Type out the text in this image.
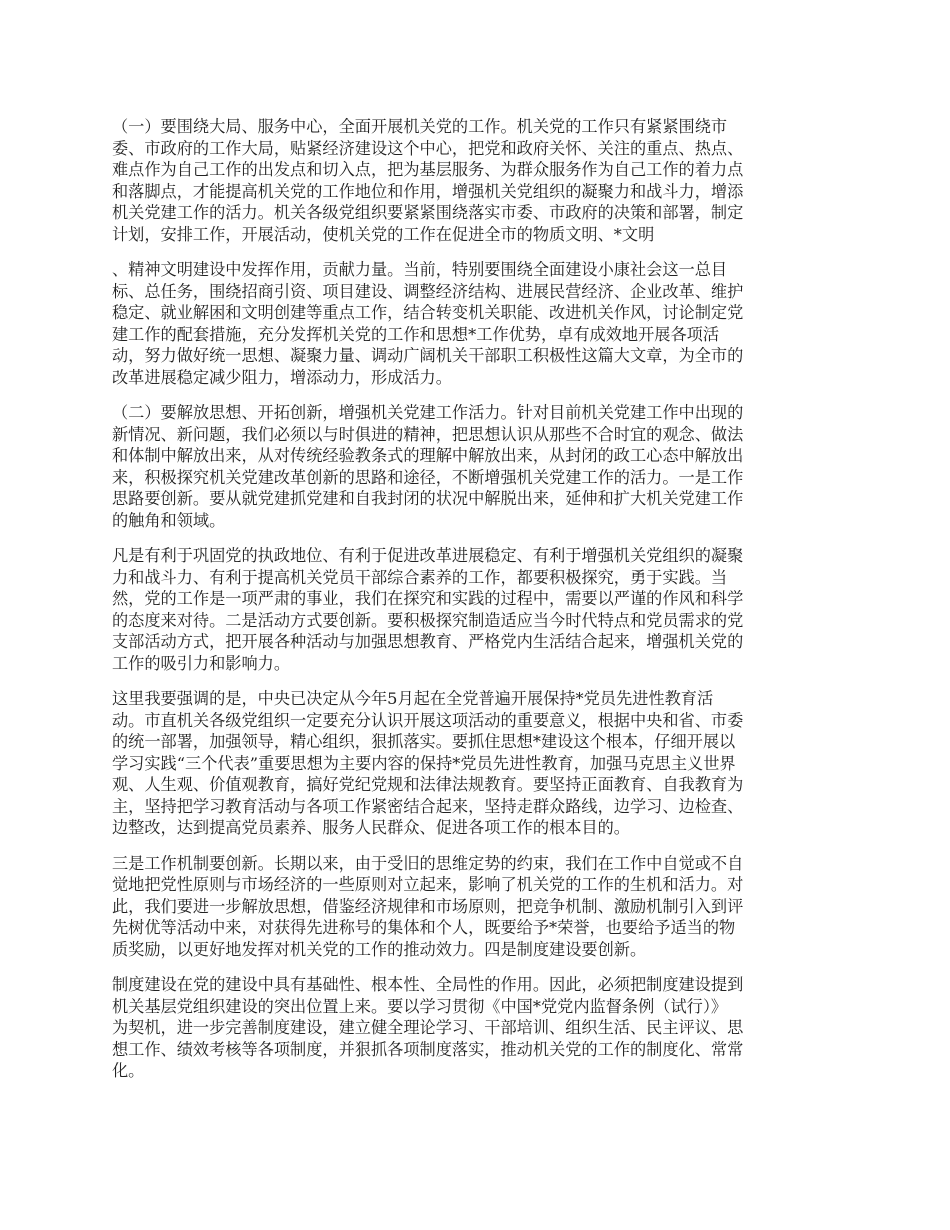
（一）要围绕大局、服务中心，全面开展机关党的工作。机关党的工作只有紧紧围绕市
委、市政府的工作大局，贴紧经济建设这个中心，把党和政府关怀、关注的重点、热点、
难点作为自己工作的出发点和切入点，把为基层服务、为群众服务作为自己工作的着力点
和落脚点，才能提高机关党的工作地位和作用，增强机关党组织的凝聚力和战斗力，增添
机关党建工作的活力。机关各级党组织要紧紧围绕落实市委、市政府的决策和部署，制定
计划，安排工作，开展活动，使机关党的工作在促进全市的物质文明、*文明

、精神文明建设中发挥作用，贡献力量。当前，特别要围绕全面建设小康社会这一总目
标、总任务，围绕招商引资、项目建设、调整经济结构、进展民营经济、企业改革、维护
稳定、就业解困和文明创建等重点工作，结合转变机关职能、改进机关作风，讨论制定党
建工作的配套措施，充分发挥机关党的工作和思想*工作优势，卓有成效地开展各项活
动，努力做好统一思想、凝聚力量、调动广阔机关干部职工积极性这篇大文章，为全市的
改革进展稳定减少阻力，增添动力，形成活力。

（二）要解放思想、开拓创新，增强机关党建工作活力。针对目前机关党建工作中出现的
新情况、新问题，我们必须以与时俱进的精神，把思想认识从那些不合时宜的观念、做法
和体制中解放出来，从对传统经验教条式的理解中解放出来，从封闭的政工心态中解放出
来，积极探究机关党建改革创新的思路和途径，不断增强机关党建工作的活力。一是工作
思路要创新。要从就党建抓党建和自我封闭的状况中解脱出来，延伸和扩大机关党建工作
的触角和领域。

凡是有利于巩固党的执政地位、有利于促进改革进展稳定、有利于增强机关党组织的凝聚
力和战斗力、有利于提高机关党员干部综合素养的工作，都要积极探究，勇于实践。当
然，党的工作是一项严肃的事业，我们在探究和实践的过程中，需要以严谨的作风和科学
的态度来对待。二是活动方式要创新。要积极探究制造适应当今时代特点和党员需求的党
支部活动方式，把开展各种活动与加强思想教育、严格党内生活结合起来，增强机关党的
工作的吸引力和影响力。

这里我要强调的是，中央已决定从今年5月起在全党普遍开展保持*党员先进性教育活
动。市直机关各级党组织一定要充分认识开展这项活动的重要意义，根据中央和省、市委
的统一部署，加强领导，精心组织，狠抓落实。要抓住思想*建设这个根本，仔细开展以
学习实践“三个代表”重要思想为主要内容的保持*党员先进性教育，加强马克思主义世界
观、人生观、价值观教育，搞好党纪党规和法律法规教育。要坚持正面教育、自我教育为
主，坚持把学习教育活动与各项工作紧密结合起来，坚持走群众路线，边学习、边检查、
边整改，达到提高党员素养、服务人民群众、促进各项工作的根本目的。

三是工作机制要创新。长期以来，由于受旧的思维定势的约束，我们在工作中自觉或不自
觉地把党性原则与市场经济的一些原则对立起来，影响了机关党的工作的生机和活力。对
此，我们要进一步解放思想，借鉴经济规律和市场原则，把竞争机制、激励机制引入到评
先树优等活动中来，对获得先进称号的集体和个人，既要给予*荣誉，也要给予适当的物
质奖励，以更好地发挥对机关党的工作的推动效力。四是制度建设要创新。

制度建设在党的建设中具有基础性、根本性、全局性的作用。因此，必须把制度建设提到
机关基层党组织建设的突出位置上来。要以学习贯彻《中国*党党内监督条例（试行）》
为契机，进一步完善制度建设，建立健全理论学习、干部培训、组织生活、民主评议、思
想工作、绩效考核等各项制度，并狠抓各项制度落实，推动机关党的工作的制度化、常常
化。
